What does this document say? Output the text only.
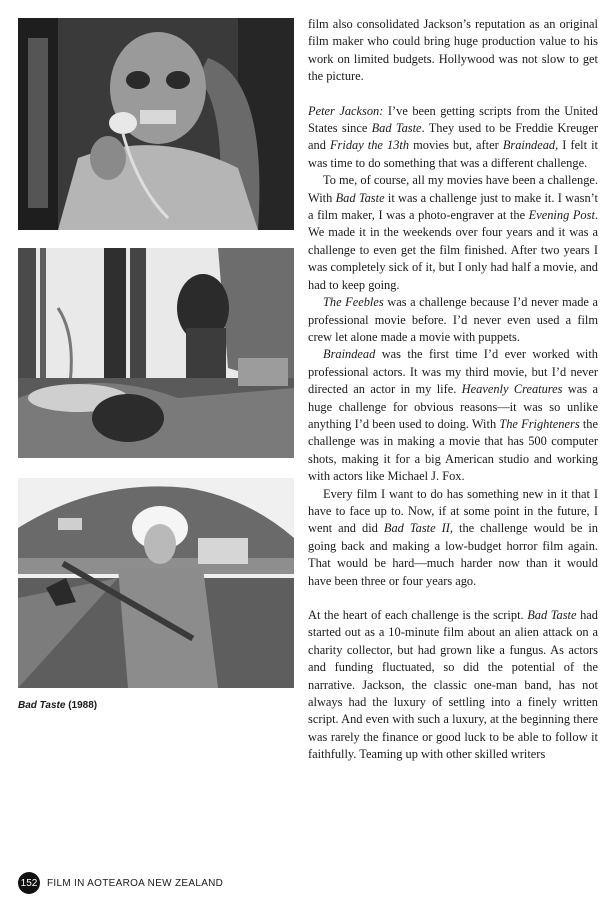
Bad Taste (1988)

film also consolidated Jackson’s reputation as an original film maker who could bring huge production value to his work on limited budgets. Hollywood was not slow to get the picture.

Peter Jackson: I’ve been getting scripts from the United States since Bad Taste. They used to be Freddie Kreuger and Friday the 13th movies but, after Braindead, I felt it was time to do something that was a different challenge.

To me, of course, all my movies have been a challenge. With Bad Taste it was a challenge just to make it. I wasn’t a film maker, I was a photo-engraver at the Evening Post. We made it in the weekends over four years and it was a challenge to even get the film finished. After two years I was completely sick of it, but I only had half a movie, and had to keep going.

The Feebles was a challenge because I’d never made a professional movie before. I’d never even used a film crew let alone made a movie with puppets.

Braindead was the first time I’d ever worked with professional actors. It was my third movie, but I’d never directed an actor in my life. Heavenly Creatures was a huge challenge for obvious reasons—it was so unlike anything I’d been used to doing. With The Frighteners the challenge was in making a movie that has 500 computer shots, making it for a big American studio and working with actors like Michael J. Fox.

Every film I want to do has something new in it that I have to face up to. Now, if at some point in the future, I went and did Bad Taste II, the challenge would be in going back and making a low-budget horror film again. That would be hard—much harder now than it would have been three or four years ago.

At the heart of each challenge is the script. Bad Taste had started out as a 10-minute film about an alien attack on a charity collector, but had grown like a fungus. As actors and funding fluctuated, so did the potential of the narrative. Jackson, the classic one-man band, has not always had the luxury of settling into a finely written script. And even with such a luxury, at the beginning there was rarely the finance or good luck to be able to follow it faithfully. Teaming up with other skilled writers

152 FILM IN AOTEAROA NEW ZEALAND
